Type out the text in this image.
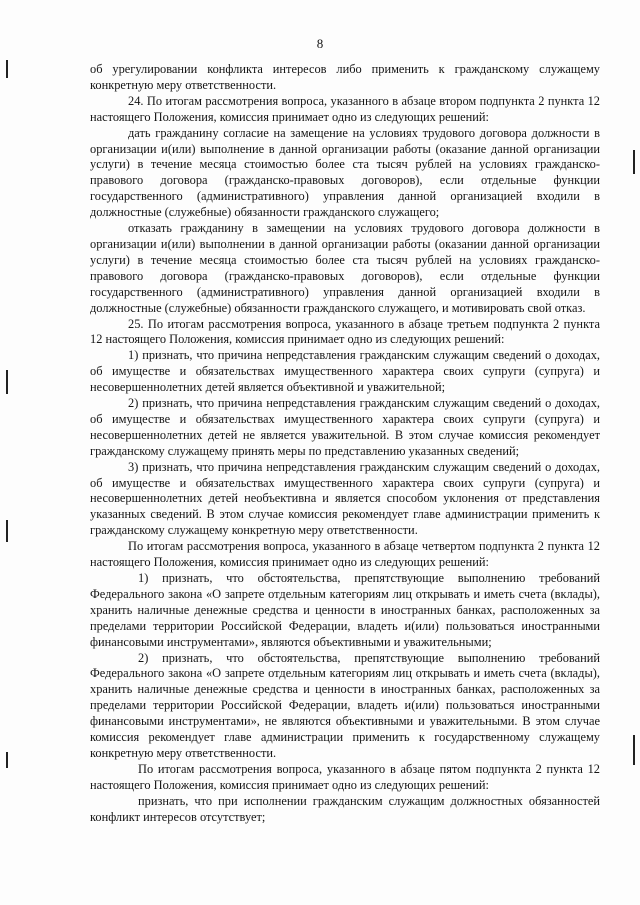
8

об урегулировании конфликта интересов либо применить к гражданскому служащему конкретную меру ответственности.

24. По итогам рассмотрения вопроса, указанного в абзаце втором подпункта 2 пункта 12 настоящего Положения, комиссия принимает одно из следующих решений:

дать гражданину согласие на замещение на условиях трудового договора должности в организации и(или) выполнение в данной организации работы (оказание данной организации услуги) в течение месяца стоимостью более ста тысяч рублей на условиях гражданско-правового договора (гражданско-правовых договоров), если отдельные функции государственного (административного) управления данной организацией входили в должностные (служебные) обязанности гражданского служащего;

отказать гражданину в замещении на условиях трудового договора должности в организации и(или) выполнении в данной организации работы (оказании данной организации услуги) в течение месяца стоимостью более ста тысяч рублей на условиях гражданско-правового договора (гражданско-правовых договоров), если отдельные функции государственного (административного) управления данной организацией входили в должностные (служебные) обязанности гражданского служащего, и мотивировать свой отказ.

25. По итогам рассмотрения вопроса, указанного в абзаце третьем подпункта 2 пункта 12 настоящего Положения, комиссия принимает одно из следующих решений:

1) признать, что причина непредставления гражданским служащим сведений о доходах, об имуществе и обязательствах имущественного характера своих супруги (супруга) и несовершеннолетних детей является объективной и уважительной;

2) признать, что причина непредставления гражданским служащим сведений о доходах, об имуществе и обязательствах имущественного характера своих супруги (супруга) и несовершеннолетних детей не является уважительной. В этом случае комиссия рекомендует гражданскому служащему принять меры по представлению указанных сведений;

3) признать, что причина непредставления гражданским служащим сведений о доходах, об имуществе и обязательствах имущественного характера своих супруги (супруга) и несовершеннолетних детей необъективна и является способом уклонения от представления указанных сведений. В этом случае комиссия рекомендует главе администрации применить к гражданскому служащему конкретную меру ответственности.

По итогам рассмотрения вопроса, указанного в абзаце четвертом подпункта 2 пункта 12 настоящего Положения, комиссия принимает одно из следующих решений:

1) признать, что обстоятельства, препятствующие выполнению требований Федерального закона «О запрете отдельным категориям лиц открывать и иметь счета (вклады), хранить наличные денежные средства и ценности в иностранных банках, расположенных за пределами территории Российской Федерации, владеть и(или) пользоваться иностранными финансовыми инструментами», являются объективными и уважительными;

2) признать, что обстоятельства, препятствующие выполнению требований Федерального закона «О запрете отдельным категориям лиц открывать и иметь счета (вклады), хранить наличные денежные средства и ценности в иностранных банках, расположенных за пределами территории Российской Федерации, владеть и(или) пользоваться иностранными финансовыми инструментами», не являются объективными и уважительными. В этом случае комиссия рекомендует главе администрации применить к государственному служащему конкретную меру ответственности.

По итогам рассмотрения вопроса, указанного в абзаце пятом подпункта 2 пункта 12 настоящего Положения, комиссия принимает одно из следующих решений:

признать, что при исполнении гражданским служащим должностных обязанностей конфликт интересов отсутствует;
